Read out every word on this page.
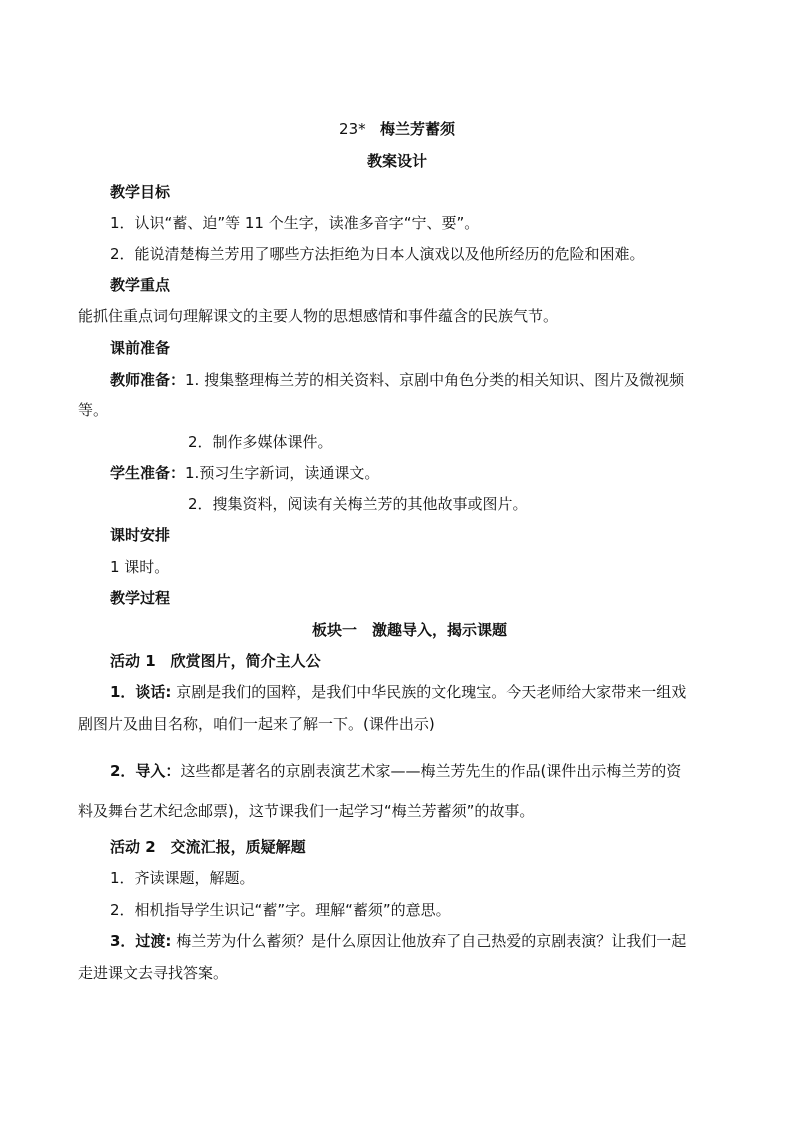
23* 梅兰芳蓄须
教案设计
教学目标
1．认识“蓄、迫”等 11 个生字，读准多音字“宁、要”。
2．能说清楚梅兰芳用了哪些方法拒绝为日本人演戏以及他所经历的危险和困难。
教学重点
能抓住重点词句理解课文的主要人物的思想感情和事件蕴含的民族气节。
课前准备
教师准备：1. 搜集整理梅兰芳的相关资料、京剧中角色分类的相关知识、图片及微视频
等。
2．制作多媒体课件。
学生准备：1.预习生字新词，读通课文。
2．搜集资料，阅读有关梅兰芳的其他故事或图片。
课时安排
1 课时。
教学过程
板块一　激趣导入，揭示课题
活动 1　欣赏图片，简介主人公
1．谈话: 京剧是我们的国粹，是我们中华民族的文化瑰宝。今天老师给大家带来一组戏
剧图片及曲目名称，咱们一起来了解一下。(课件出示)
2．导入：这些都是著名的京剧表演艺术家——梅兰芳先生的作品(课件出示梅兰芳的资
料及舞台艺术纪念邮票)，这节课我们一起学习“梅兰芳蓄须”的故事。
活动 2　交流汇报，质疑解题
1．齐读课题，解题。
2．相机指导学生识记“蓄”字。理解“蓄须”的意思。
3．过渡: 梅兰芳为什么蓄须？是什么原因让他放弃了自己热爱的京剧表演？让我们一起
走进课文去寻找答案。
